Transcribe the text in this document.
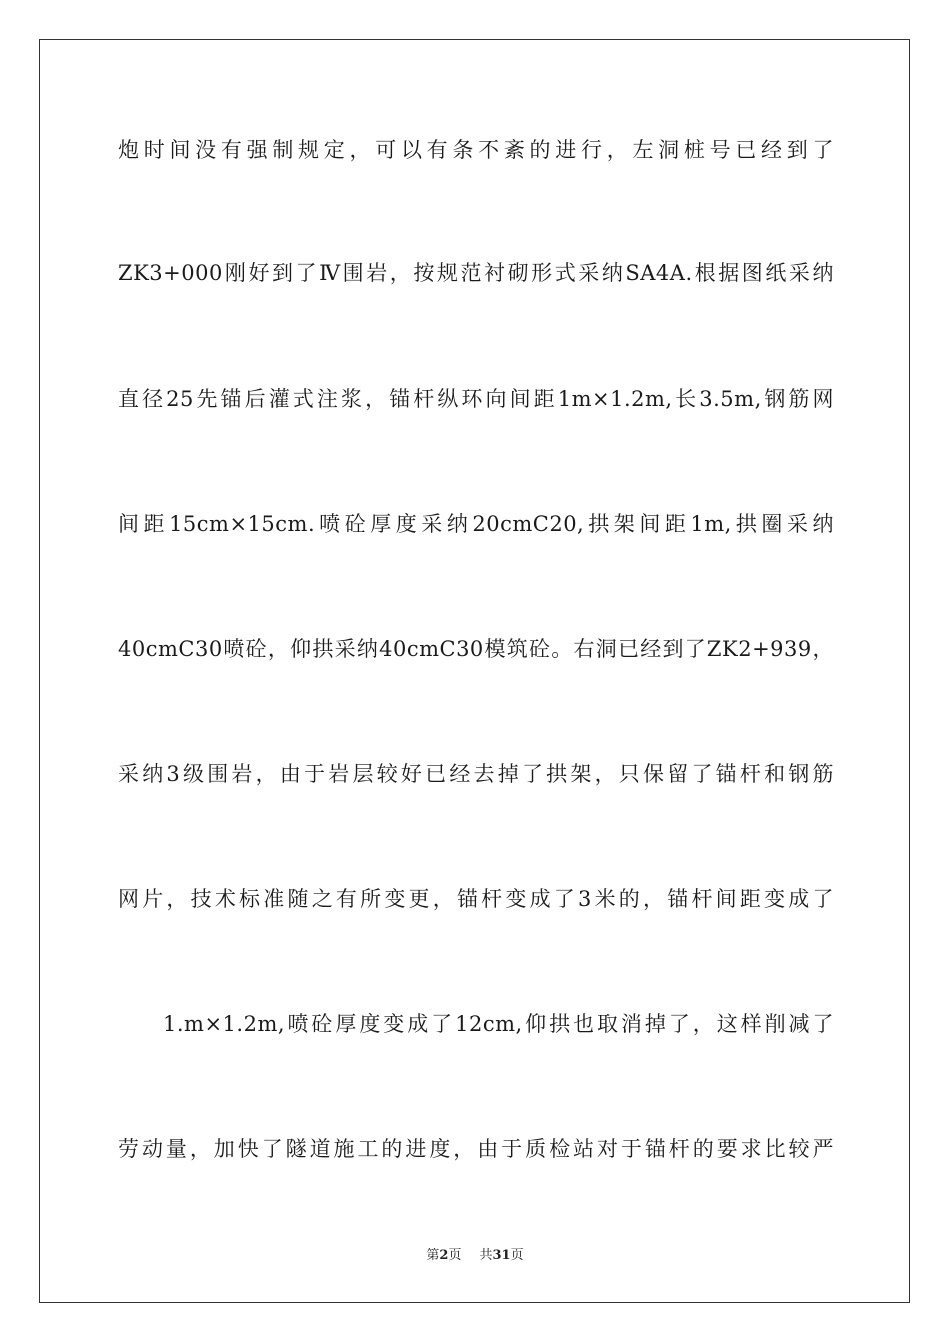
炮时间没有强制规定，可以有条不紊的进行，左洞桩号已经到了
ZK3+000刚好到了Ⅳ围岩，按规范衬砌形式采纳SA4A.根据图纸采纳
直径25先锚后灌式注浆，锚杆纵环向间距1m×1.2m,长3.5m,钢筋网
间距15cm×15cm.喷砼厚度采纳20cmC20,拱架间距1m,拱圈采纳
40cmC30喷砼，仰拱采纳40cmC30模筑砼。右洞已经到了ZK2+939，
采纳3级围岩，由于岩层较好已经去掉了拱架，只保留了锚杆和钢筋
网片，技术标准随之有所变更，锚杆变成了3米的，锚杆间距变成了
1.m×1.2m,喷砼厚度变成了12cm,仰拱也取消掉了，这样削减了
劳动量，加快了隧道施工的进度，由于质检站对于锚杆的要求比较严
第2页 共31页
